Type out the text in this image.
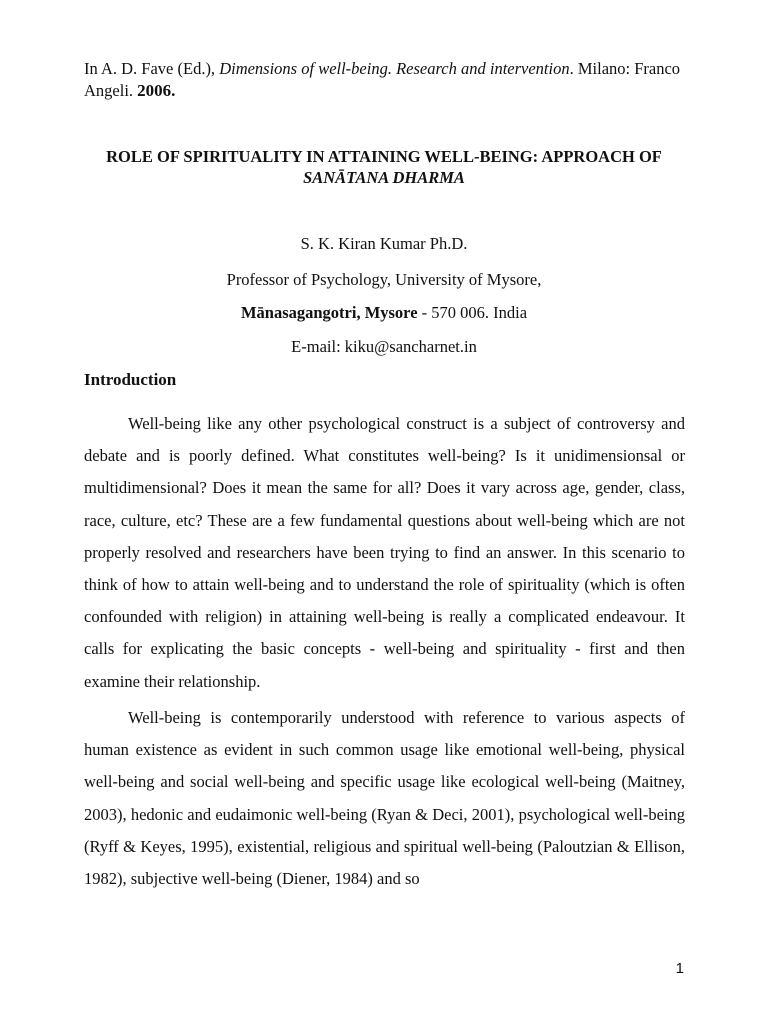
In A. D. Fave (Ed.), Dimensions of well-being. Research and intervention. Milano: Franco Angeli. 2006.
ROLE OF SPIRITUALITY IN ATTAINING WELL-BEING: APPROACH OF
SANĀTANA DHARMA
S. K. Kiran Kumar Ph.D.
Professor of Psychology, University of Mysore,
Mānasagangotri, Mysore - 570 006. India
E-mail: kiku@sancharnet.in
Introduction

Well-being like any other psychological construct is a subject of controversy and debate and is poorly defined. What constitutes well-being? Is it unidimensionsal or multidimensional? Does it mean the same for all? Does it vary across age, gender, class, race, culture, etc? These are a few fundamental questions about well-being which are not properly resolved and researchers have been trying to find an answer. In this scenario to think of how to attain well-being and to understand the role of spirituality (which is often confounded with religion) in attaining well-being is really a complicated endeavour. It calls for explicating the basic concepts - well-being and spirituality - first and then examine their relationship.

Well-being is contemporarily understood with reference to various aspects of human existence as evident in such common usage like emotional well-being, physical well-being and social well-being and specific usage like ecological well-being (Maitney, 2003), hedonic and eudaimonic well-being (Ryan & Deci, 2001), psychological well-being (Ryff & Keyes, 1995), existential, religious and spiritual well-being (Paloutzian & Ellison, 1982), subjective well-being (Diener, 1984) and so

1
